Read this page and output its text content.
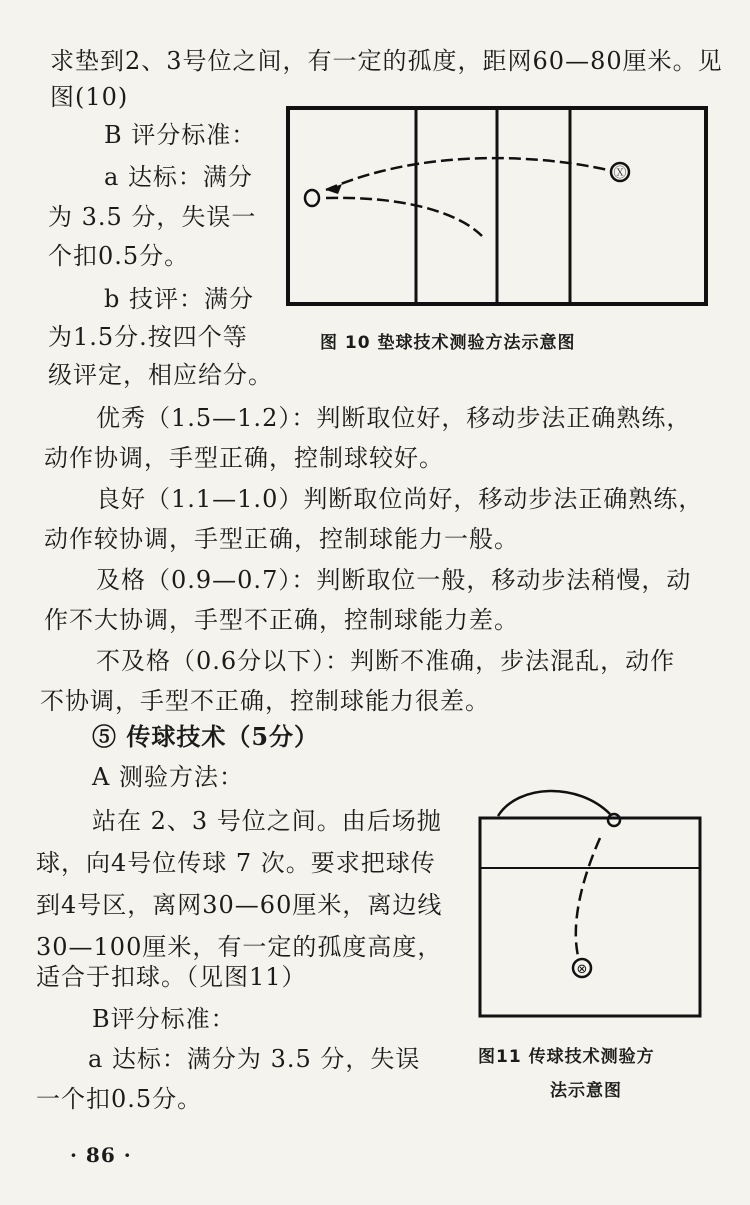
求垫到2、3号位之间，有一定的孤度，距网60—80厘米。见
图(10)
B 评分标准：
a 达标：满分
为 3.5 分，失误一
个扣0.5分。
b 技评：满分
为1.5分.按四个等
级评定，相应给分。
Ⓧ
图 10 垫球技术测验方法示意图
优秀（1.5—1.2）：判断取位好，移动步法正确熟练，
动作协调，手型正确，控制球较好。
良好（1.1—1.0）判断取位尚好，移动步法正确熟练，
动作较协调，手型正确，控制球能力一般。
及格（0.9—0.7）：判断取位一般，移动步法稍慢，动
作不大协调，手型不正确，控制球能力差。
不及格（0.6分以下）：判断不准确，步法混乱，动作
不协调，手型不正确，控制球能力很差。
⑤ 传球技术（5分）
A 测验方法：
站在 2、3 号位之间。由后场抛
球，向4号位传球 7 次。要求把球传
到4号区，离网30—60厘米，离边线
30—100厘米，有一定的孤度高度，
适合于扣球。（见图11）
B评分标准：
a 达标：满分为 3.5 分，失误
一个扣0.5分。
⊗
图11 传球技术测验方
法示意图
· 86 ·
